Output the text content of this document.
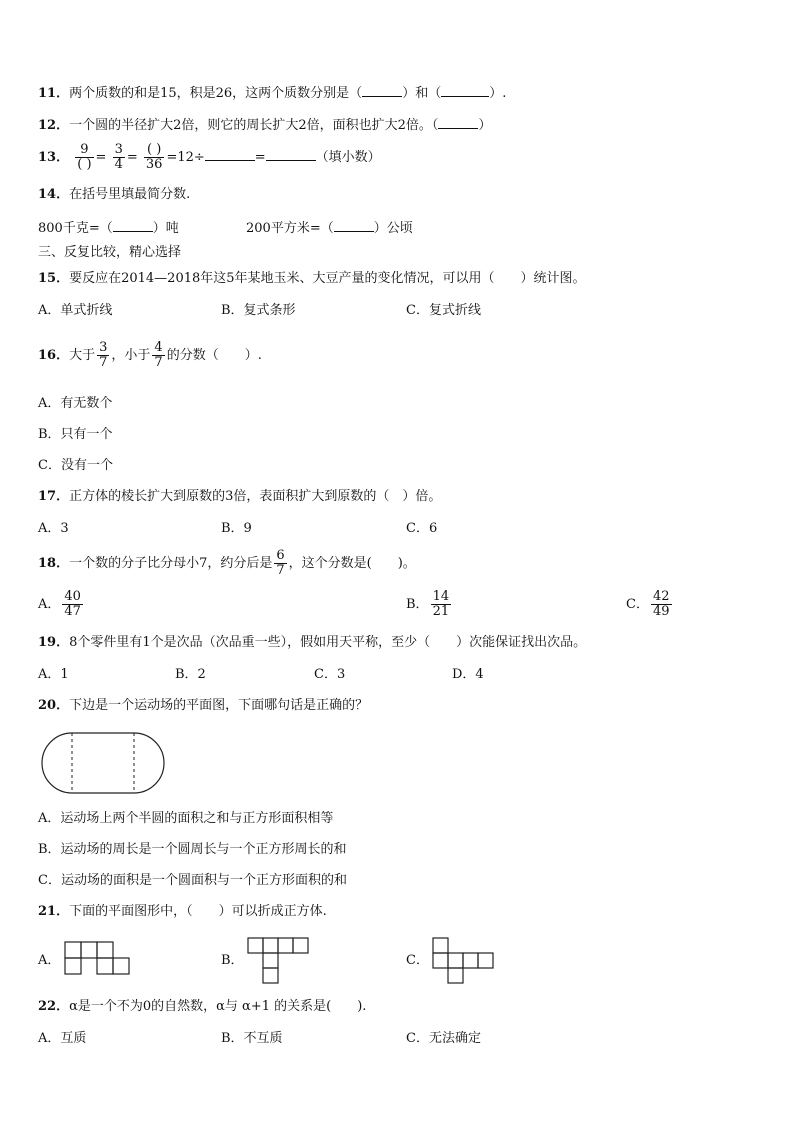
11．两个质数的和是15，积是26，这两个质数分别是（	）和（	）.
12．一个圆的半径扩大2倍，则它的周长扩大2倍，面积也扩大2倍。（	）
13． $\frac{9}{( )} = \frac{3}{4} = \frac{( )}{36} =12\div$	=	（填小数）
14．在括号里填最简分数.
800千克=（	）吨	200平方米=（	）公顷
三、反复比较，精心选择
15．要反应在2014—2018年这5年某地玉米、大豆产量的变化情况，可以用（　　）统计图。
A．单式折线	B．复式条形	C．复式折线
16．大于 $\frac{3}{7}$ ，小于 $\frac{4}{7}$ 的分数（　　）.
A．有无数个
B．只有一个
C．没有一个
17．正方体的棱长扩大到原数的3倍，表面积扩大到原数的（　）倍。
A．3	B．9	C．6
18．一个数的分子比分母小7，约分后是 $\frac{6}{7}$ ，这个分数是(　　)。
A． $\frac{40}{47}$	B． $\frac{14}{21}$	C． $\frac{42}{49}$
19．8个零件里有1个是次品（次品重一些），假如用天平称，至少（　　）次能保证找出次品。
A．1	B．2	C．3	D．4
20．下边是一个运动场的平面图，下面哪句话是正确的？
A．运动场上两个半圆的面积之和与正方形面积相等
B．运动场的周长是一个圆周长与一个正方形周长的和
C．运动场的面积是一个圆面积与一个正方形面积的和
21．下面的平面图形中，（　　）可以折成正方体.
A．	B．	C．
22．α是一个不为0的自然数，α与 α+1 的关系是(　　).
A．互质	B．不互质	C．无法确定
